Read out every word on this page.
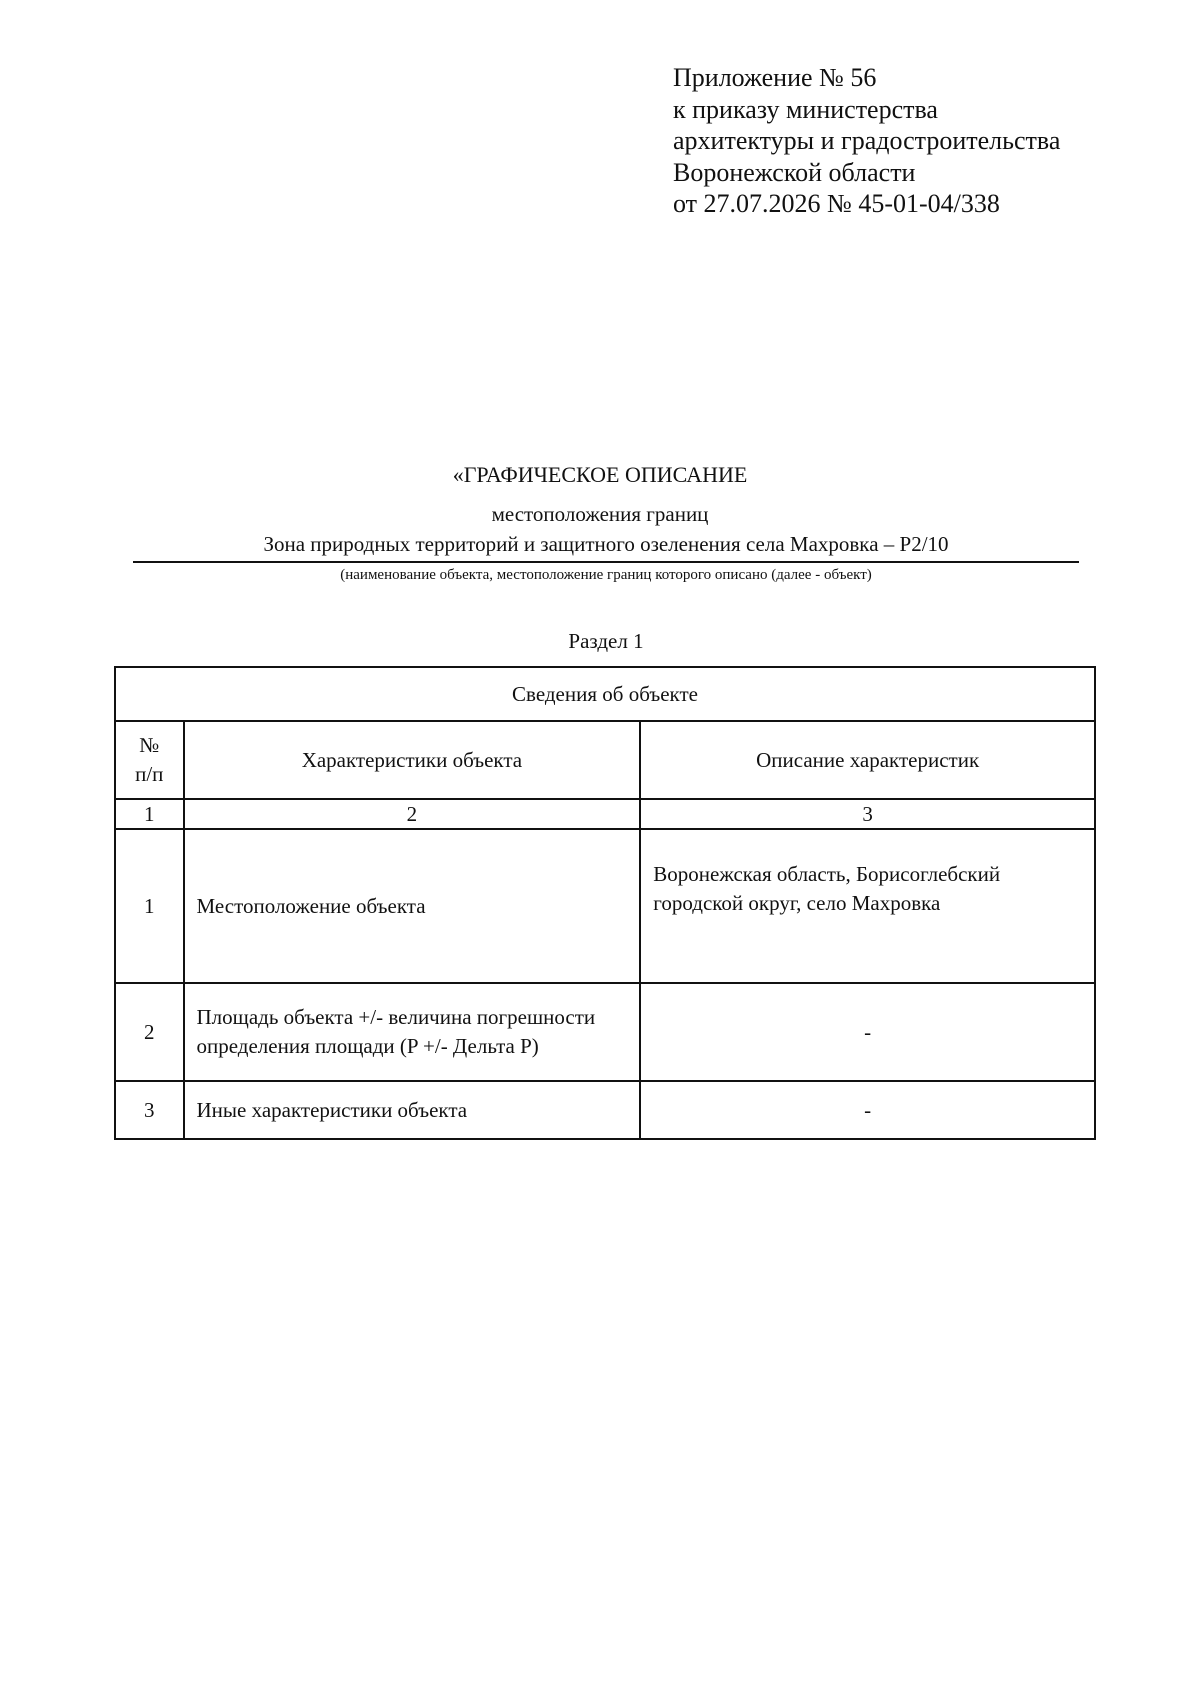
Приложение № 56
к приказу министерства
архитектуры и градостроительства
Воронежской области
от 27.07.2026 № 45-01-04/338
«ГРАФИЧЕСКОЕ ОПИСАНИЕ
местоположения границ
Зона природных территорий и защитного озеленения села Махровка – Р2/10
(наименование объекта, местоположение границ которого описано (далее - объект)
Раздел 1
Сведения об объекте		

№
п/п	Характеристики объекта	Описание характеристик
1	2	3
1	Местоположение объекта	Воронежская область, Борисоглебский городской округ, село Махровка
2	Площадь объекта +/- величина погрешности определения площади (P +/- Дельта P)	-
3	Иные характеристики объекта	-
